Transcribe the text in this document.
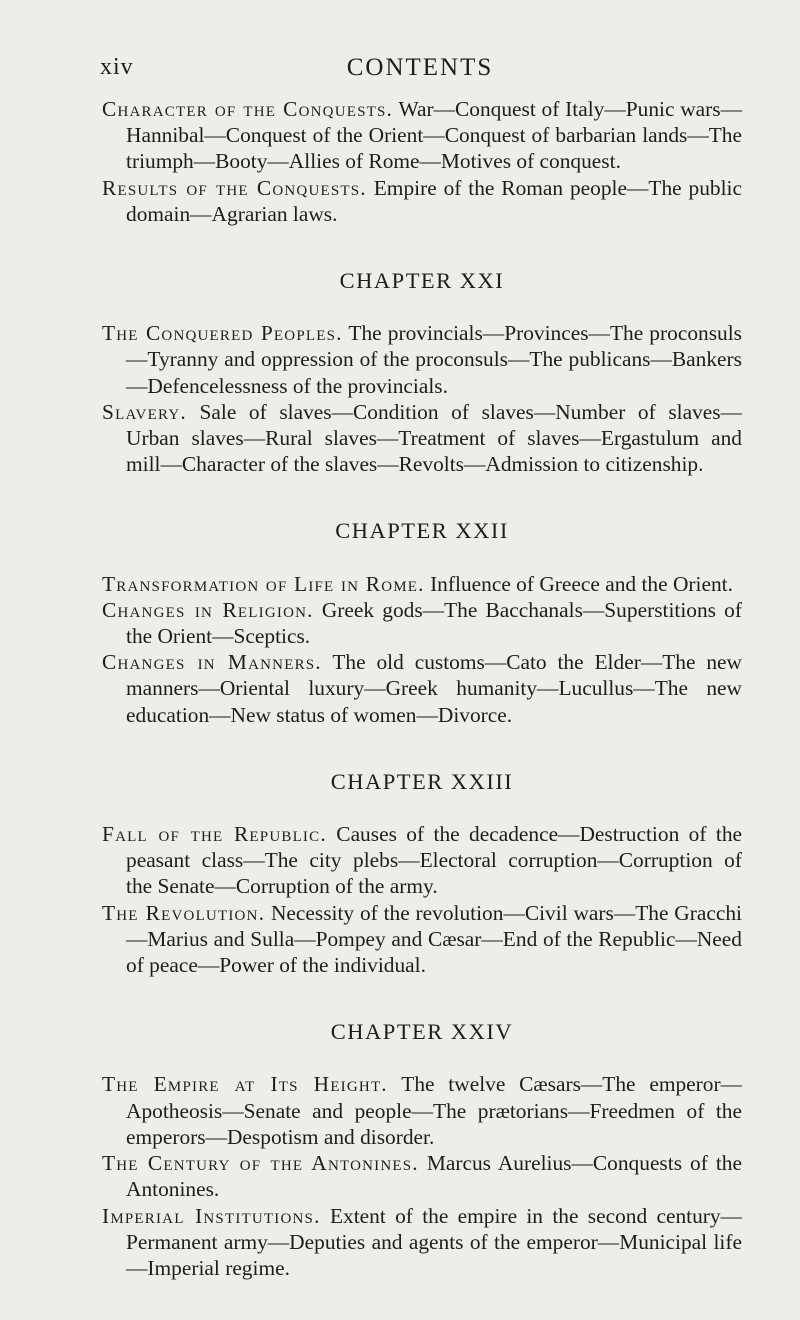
xiv	CONTENTS
Character of the Conquests. War—Conquest of Italy—Punic wars—Hannibal—Conquest of the Orient—Conquest of barbarian lands—The triumph—Booty—Allies of Rome—Motives of conquest.
Results of the Conquests. Empire of the Roman people—The public domain—Agrarian laws.
CHAPTER XXI
The Conquered Peoples. The provincials—Provinces—The proconsuls—Tyranny and oppression of the proconsuls—The publicans—Bankers—Defencelessness of the provincials.
Slavery. Sale of slaves—Condition of slaves—Number of slaves—Urban slaves—Rural slaves—Treatment of slaves—Ergastulum and mill—Character of the slaves—Revolts—Admission to citizenship.
CHAPTER XXII
Transformation of Life in Rome. Influence of Greece and the Orient.
Changes in Religion. Greek gods—The Bacchanals—Superstitions of the Orient—Sceptics.
Changes in Manners. The old customs—Cato the Elder—The new manners—Oriental luxury—Greek humanity—Lucullus—The new education—New status of women—Divorce.
CHAPTER XXIII
Fall of the Republic. Causes of the decadence—Destruction of the peasant class—The city plebs—Electoral corruption—Corruption of the Senate—Corruption of the army.
The Revolution. Necessity of the revolution—Civil wars—The Gracchi—Marius and Sulla—Pompey and Cæsar—End of the Republic—Need of peace—Power of the individual.
CHAPTER XXIV
The Empire at Its Height. The twelve Cæsars—The emperor—Apotheosis—Senate and people—The prætorians—Freedmen of the emperors—Despotism and disorder.
The Century of the Antonines. Marcus Aurelius—Conquests of the Antonines.
Imperial Institutions. Extent of the empire in the second century—Permanent army—Deputies and agents of the emperor—Municipal life—Imperial regime.
